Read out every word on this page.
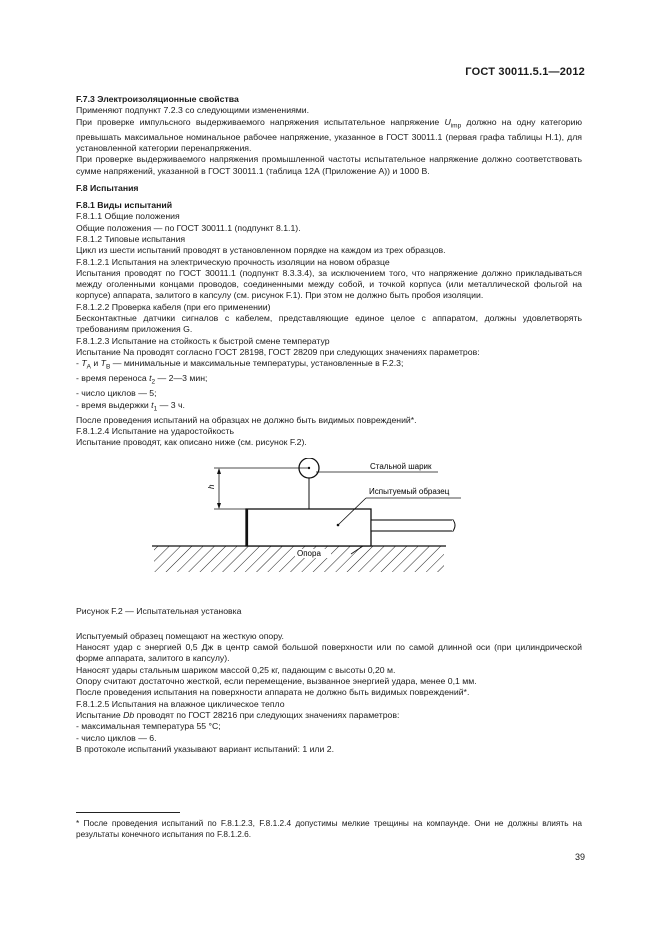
ГОСТ 30011.5.1—2012

F.7.3 Электроизоляционные свойства

Применяют подпункт 7.2.3 со следующими изменениями.

При проверке импульсного выдерживаемого напряжения испытательное напряжение $U_{imp}$ должно на одну категорию превышать максимальное номинальное рабочее напряжение, указанное в ГОСТ 30011.1 (первая графа таблицы Н.1), для установленной категории перенапряжения.

При проверке выдерживаемого напряжения промышленной частоты испытательное напряжение должно соответствовать сумме напряжений, указанной в ГОСТ 30011.1 (таблица 12А (Приложение А)) и 1000 В.

F.8 Испытания

F.8.1 Виды испытаний

F.8.1.1 Общие положения

Общие положения — по ГОСТ 30011.1 (подпункт 8.1.1).

F.8.1.2 Типовые испытания

Цикл из шести испытаний проводят в установленном порядке на каждом из трех образцов.

F.8.1.2.1 Испытания на электрическую прочность изоляции на новом образце

Испытания проводят по ГОСТ 30011.1 (подпункт 8.3.3.4), за исключением того, что напряжение должно прикладываться между оголенными концами проводов, соединенными между собой, и точкой корпуса (или металлической фольгой на корпусе) аппарата, залитого в капсулу (см. рисунок F.1). При этом не должно быть пробоя изоляции.

F.8.1.2.2 Проверка кабеля (при его применении)

Бесконтактные датчики сигналов с кабелем, представляющие единое целое с аппаратом, должны удовлетворять требованиям приложения G.

F.8.1.2.3 Испытание на стойкость к быстрой смене температур

Испытание Na проводят согласно ГОСТ 28198, ГОСТ 28209 при следующих значениях параметров:

- $T_A$ и $T_B$ — минимальные и максимальные температуры, установленные в F.2.3;

- время переноса $t_2$ — 2—3 мин;

- число циклов — 5;

- время выдержки $t_1$ — 3 ч.

После проведения испытаний на образцах не должно быть видимых повреждений*.

F.8.1.2.4 Испытание на ударостойкость

Испытание проводят, как описано ниже (см. рисунок F.2).

h
Стальной шарик
Испытуемый образец
Опора

Рисунок F.2 — Испытательная установка

Испытуемый образец помещают на жесткую опору.

Наносят удар с энергией 0,5 Дж в центр самой большой поверхности или по самой длинной оси (при цилиндрической форме аппарата, залитого в капсулу).

Наносят удары стальным шариком массой 0,25 кг, падающим с высоты 0,20 м.

Опору считают достаточно жесткой, если перемещение, вызванное энергией удара, менее 0,1 мм.

После проведения испытания на поверхности аппарата не должно быть видимых повреждений*.

F.8.1.2.5 Испытания на влажное циклическое тепло

Испытание Db проводят по ГОСТ 28216 при следующих значениях параметров:

- максимальная температура 55 °С;

- число циклов — 6.

В протоколе испытаний указывают вариант испытаний: 1 или 2.

* После проведения испытаний по F.8.1.2.3, F.8.1.2.4 допустимы мелкие трещины на компаунде. Они не должны влиять на результаты конечного испытания по F.8.1.2.6.
39
